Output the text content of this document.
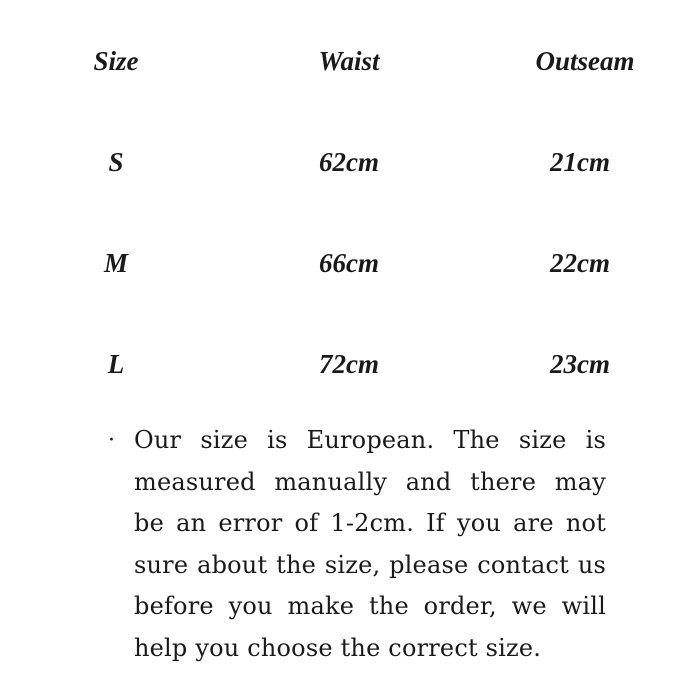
Size	Waist	Outseam
S	62cm	21cm
M	66cm	22cm
L	72cm	23cm
· Our size is European. The size is
measured manually and there may
be an error of 1-2cm. If you are not
sure about the size, please contact us
before you make the order, we will
help you choose the correct size.
